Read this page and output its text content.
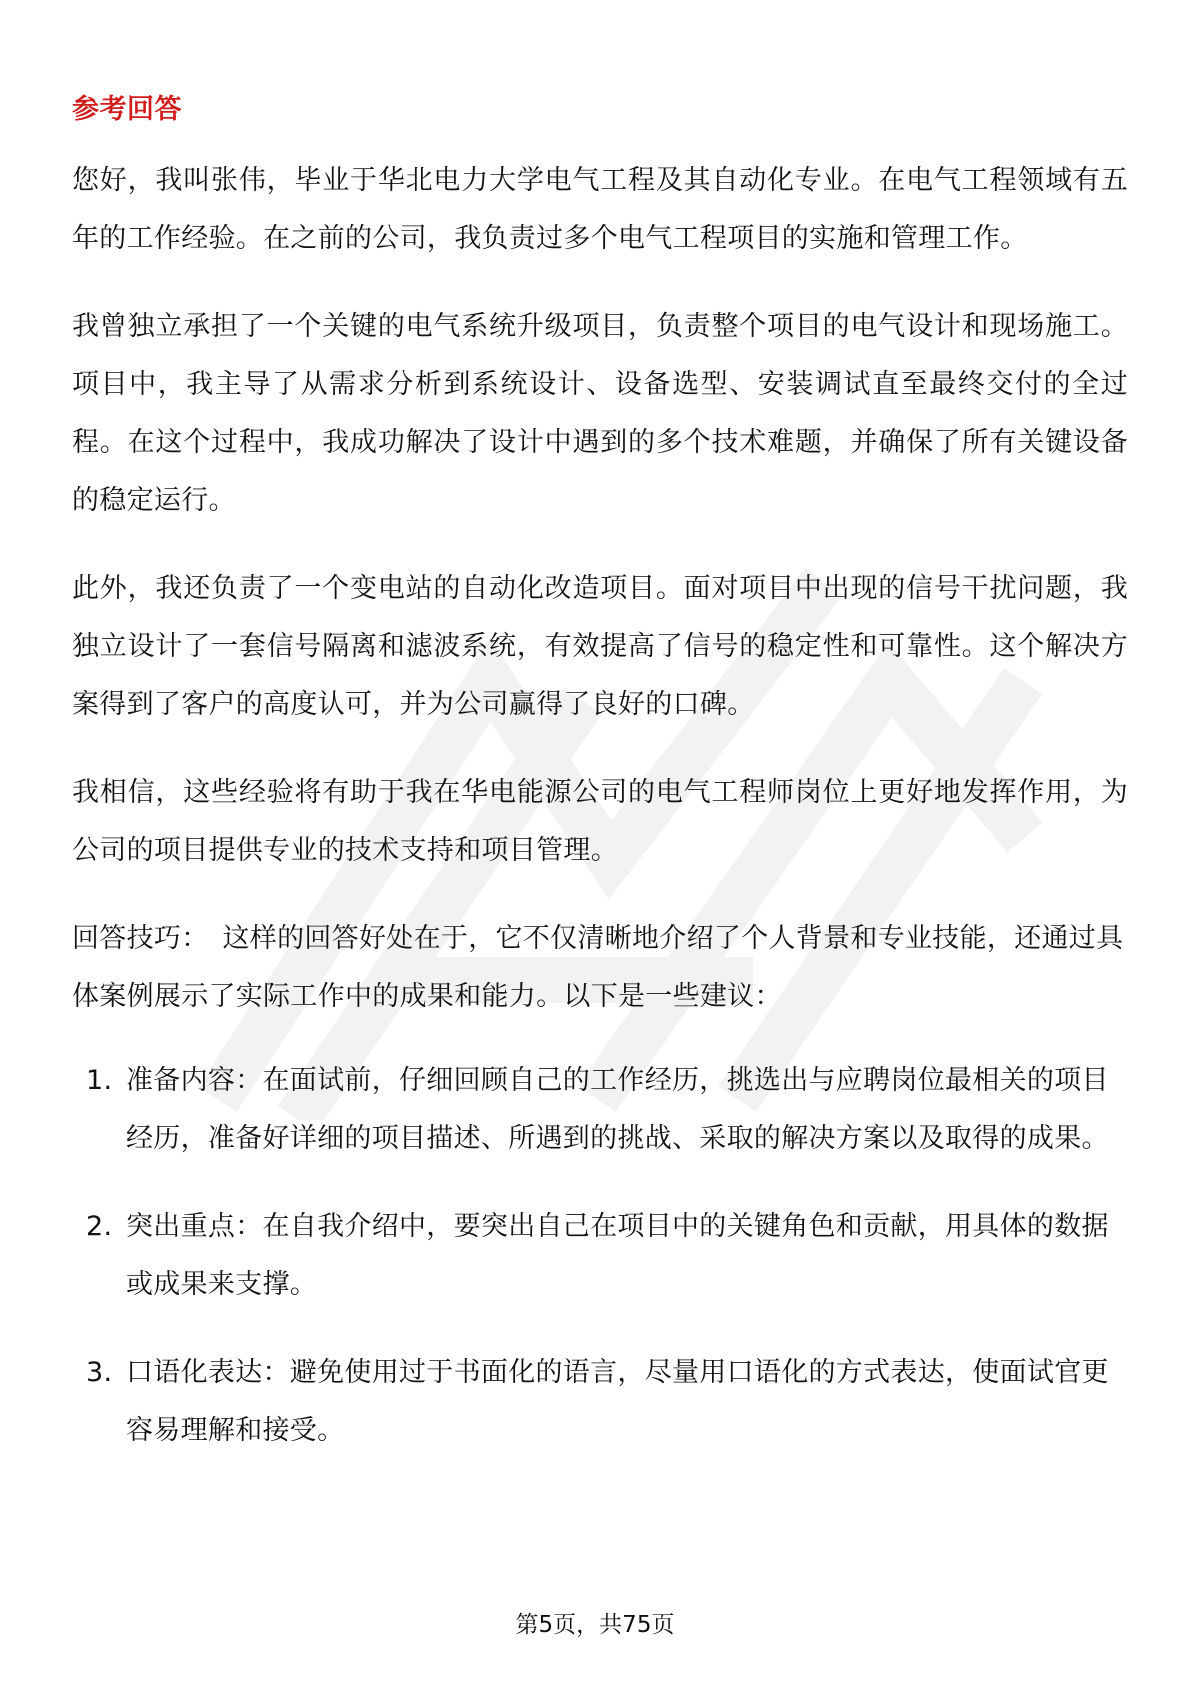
参考回答

您好，我叫张伟，毕业于华北电力大学电气工程及其自动化专业。在电气工程领域有五年的工作经验。在之前的公司，我负责过多个电气工程项目的实施和管理工作。

我曾独立承担了一个关键的电气系统升级项目，负责整个项目的电气设计和现场施工。项目中，我主导了从需求分析到系统设计、设备选型、安装调试直至最终交付的全过程。在这个过程中，我成功解决了设计中遇到的多个技术难题，并确保了所有关键设备的稳定运行。

此外，我还负责了一个变电站的自动化改造项目。面对项目中出现的信号干扰问题，我独立设计了一套信号隔离和滤波系统，有效提高了信号的稳定性和可靠性。这个解决方案得到了客户的高度认可，并为公司赢得了良好的口碑。

我相信，这些经验将有助于我在华电能源公司的电气工程师岗位上更好地发挥作用，为公司的项目提供专业的技术支持和项目管理。

回答技巧： 这样的回答好处在于，它不仅清晰地介绍了个人背景和专业技能，还通过具体案例展示了实际工作中的成果和能力。以下是一些建议：

1. 准备内容：在面试前，仔细回顾自己的工作经历，挑选出与应聘岗位最相关的项目经历，准备好详细的项目描述、所遇到的挑战、采取的解决方案以及取得的成果。
2. 突出重点：在自我介绍中，要突出自己在项目中的关键角色和贡献，用具体的数据或成果来支撑。
3. 口语化表达：避免使用过于书面化的语言，尽量用口语化的方式表达，使面试官更容易理解和接受。
第5页，共75页
